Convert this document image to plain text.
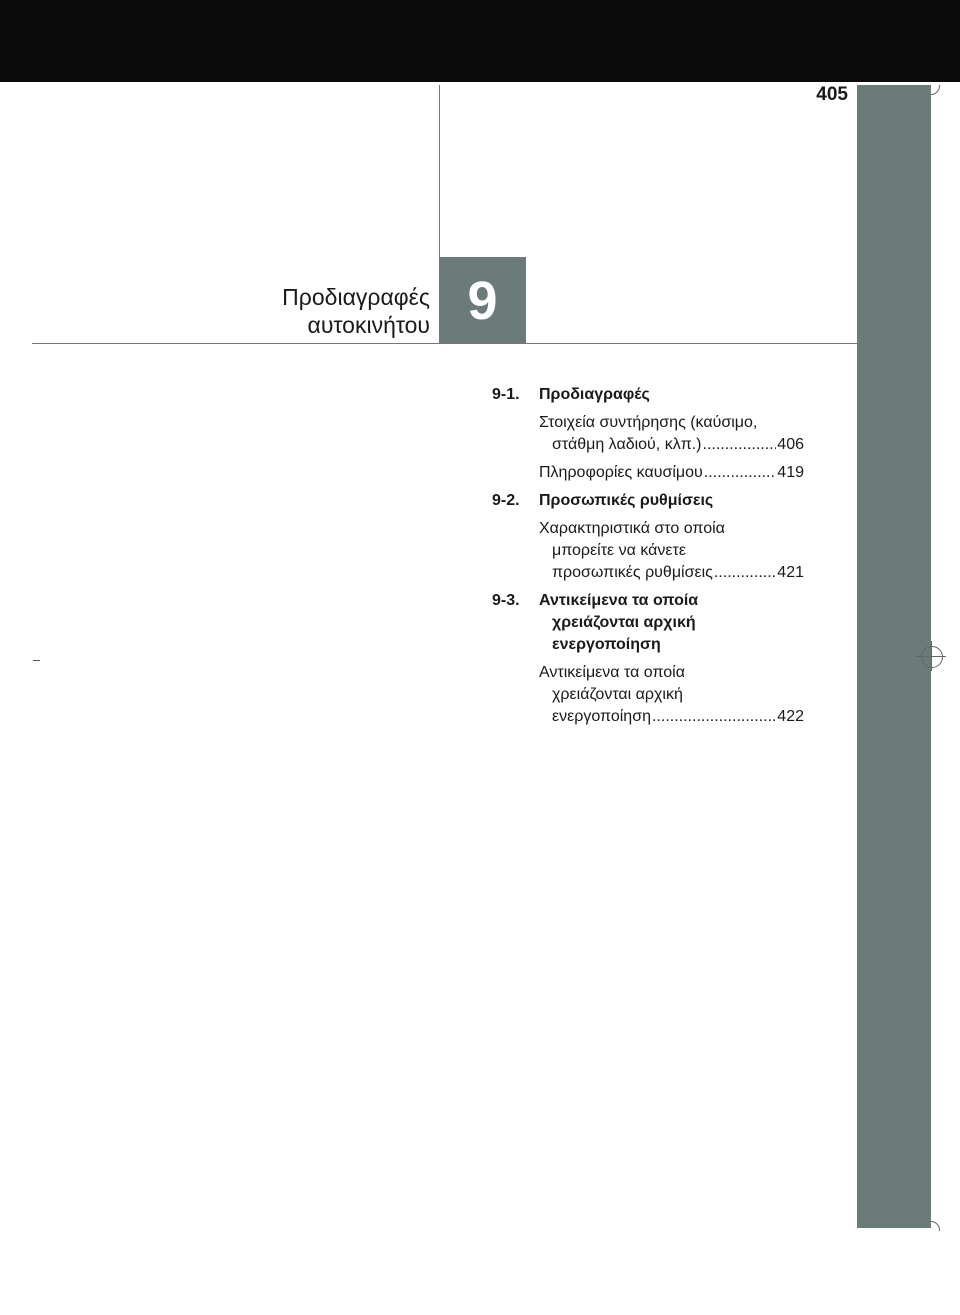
405
Προδιαγραφές
αυτοκινήτου 9
9-1.	Προδιαγραφές
Στοιχεία συντήρησης (καύσιμο,
στάθμη λαδιού, κλπ.) .....	406
Πληροφορίες καυσίμου .....	419
9-2.	Προσωπικές ρυθμίσεις
Χαρακτηριστικά στο οποία
μπορείτε να κάνετε
προσωπικές ρυθμίσεις .....	421
9-3.	Αντικείμενα τα οποία
χρειάζονται αρχική
ενεργοποίηση
Αντικείμενα τα οποία
χρειάζονται αρχική
ενεργοποίηση .....	422
